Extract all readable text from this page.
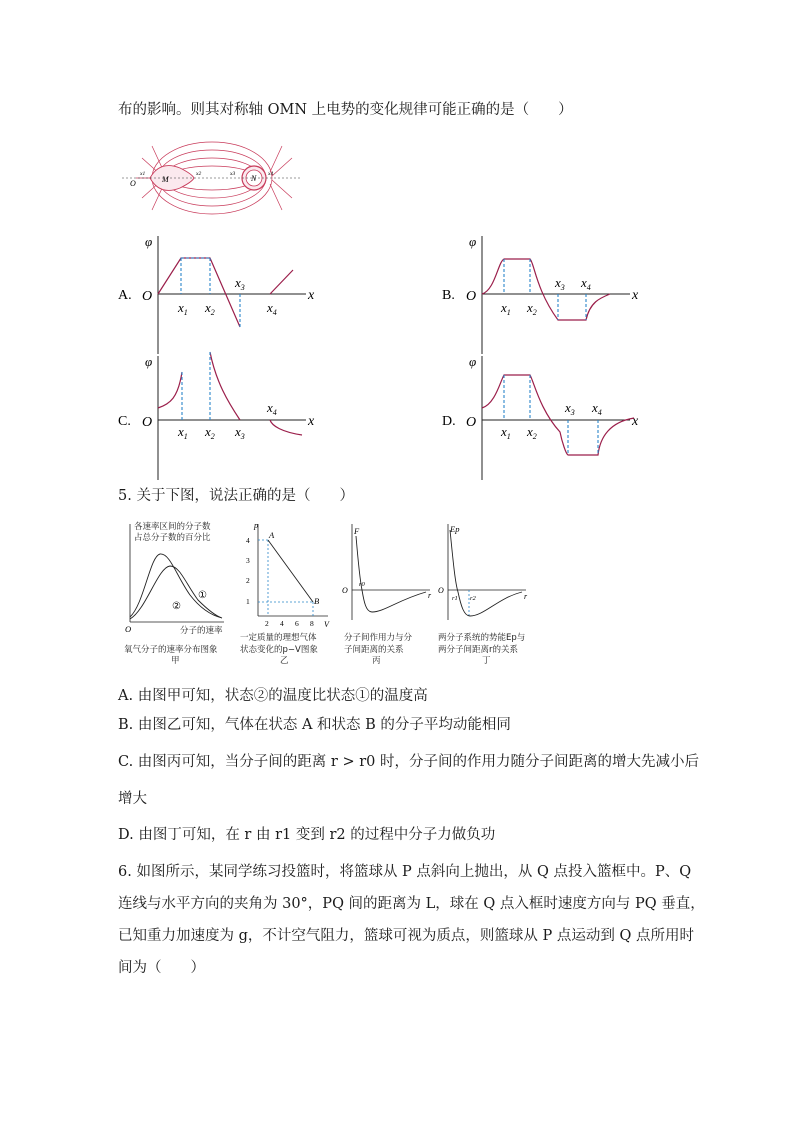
布的影响。则其对称轴 OMN 上电势的变化规律可能正确的是（　　）
O	M	N
x1	x2	x3	x4
A.
φ
O	x	B.
φ
O	x
C.
φ
O	x	D.
φ
O	x
$x_1$ $x_2$
$x_3$
$x_4$	$x_1$ $x_2$
$x_3$ $x_4$
$x_1$ $x_2$ $x_3$
$x_4$
$x_1$ $x_2$
$x_3$ $x_4$
5. 关于下图，说法正确的是（　　）
各速率区间的分子数
占总分子数的百分比
①
②
O	分子的速率
氧气分子的速率分布图象
甲
p
V
4
3
2
1
2 4 6 8
A
B
一定质量的理想气体
状态变化的p−V图象
乙
F
O
r0
r
分子间作用力与分
子间距离的关系
丙
Ep
O
r1 r2	r
两分子系统的势能Ep与
两分子间距离r的关系
丁
A. 由图甲可知，状态②的温度比状态①的温度高
B. 由图乙可知，气体在状态 A 和状态 B 的分子平均动能相同
C. 由图丙可知，当分子间的距离 r > r0 时，分子间的作用力随分子间距离的增大先减小后
增大
D. 由图丁可知，在 r 由 r1 变到 r2 的过程中分子力做负功
6. 如图所示，某同学练习投篮时，将篮球从 P 点斜向上抛出，从 Q 点投入篮框中。P、Q
连线与水平方向的夹角为 30°，PQ 间的距离为 L，球在 Q 点入框时速度方向与 PQ 垂直，
已知重力加速度为 g，不计空气阻力，篮球可视为质点，则篮球从 P 点运动到 Q 点所用时
间为（　　）
